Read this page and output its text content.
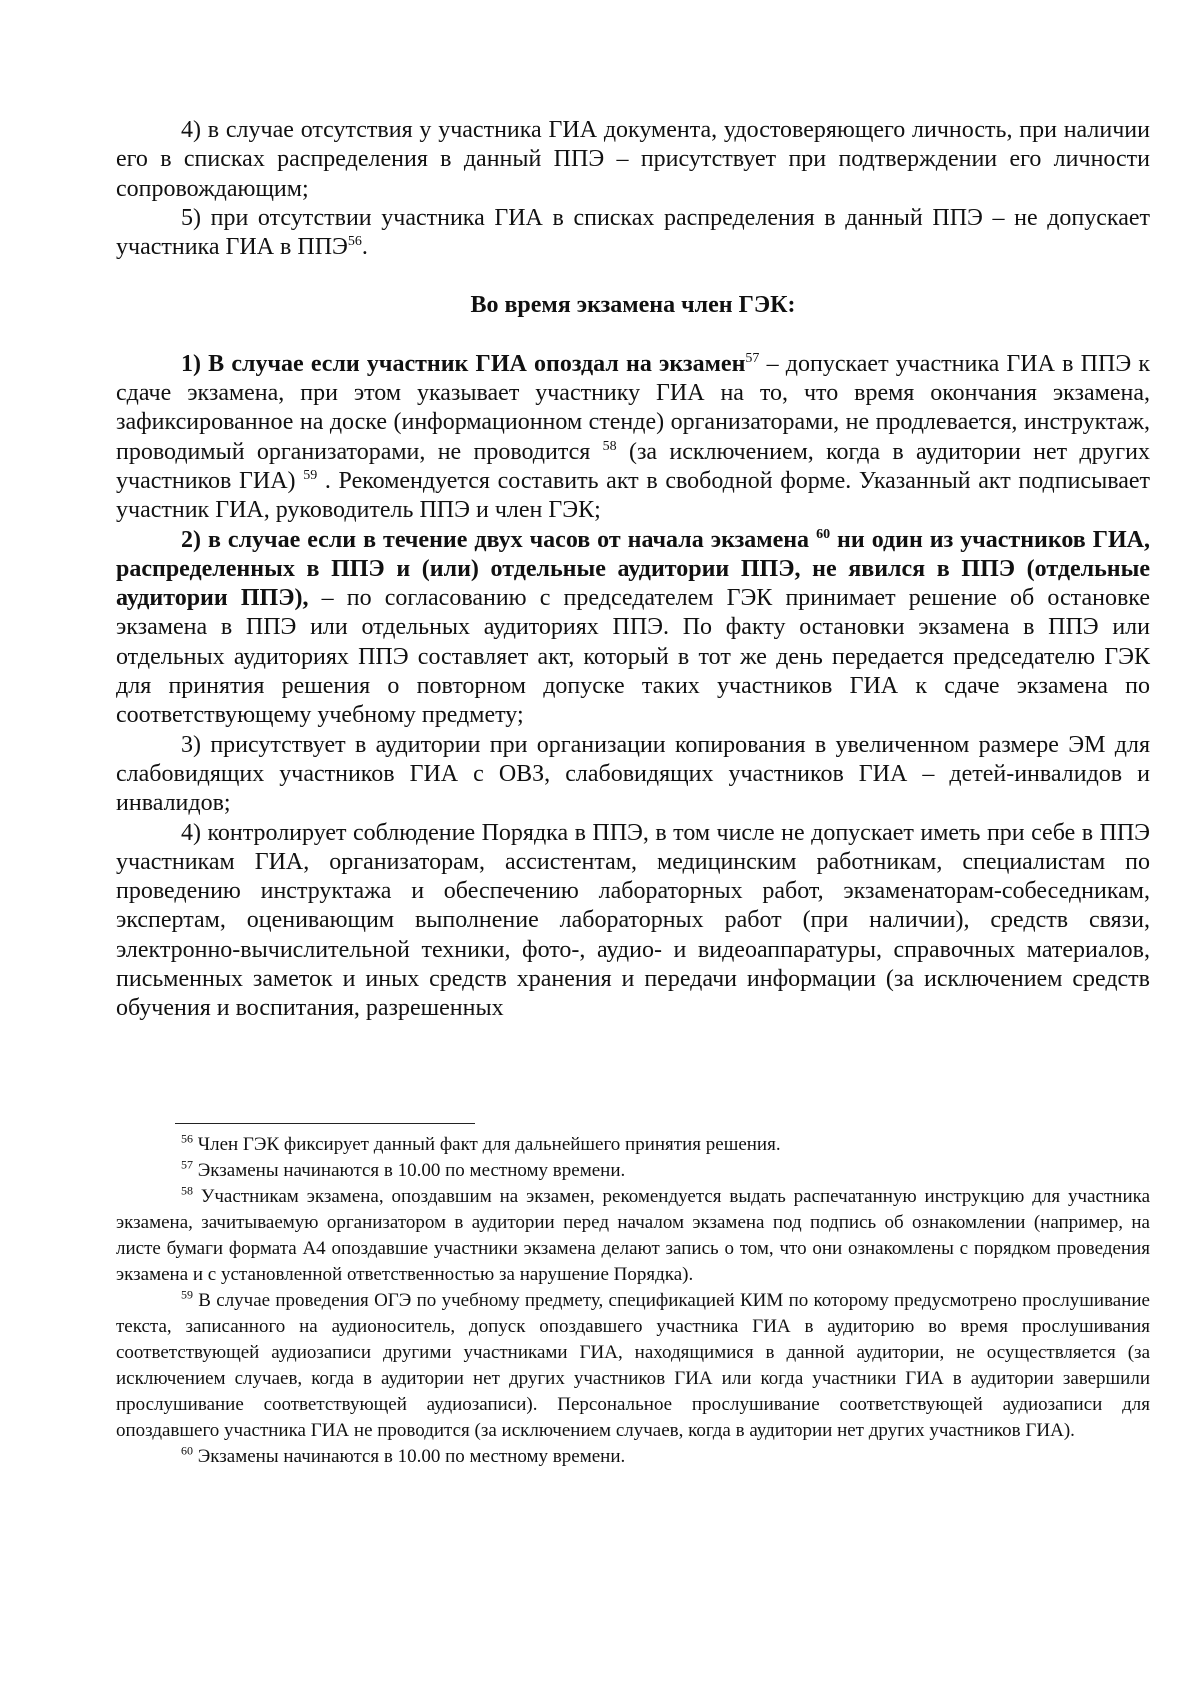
4) в случае отсутствия у участника ГИА документа, удостоверяющего личность, при наличии его в списках распределения в данный ППЭ – присутствует при подтверждении его личности сопровождающим;

5) при отсутствии участника ГИА в списках распределения в данный ППЭ – не допускает участника ГИА в ППЭ$^{56}$.

Во время экзамена член ГЭК:

1) В случае если участник ГИА опоздал на экзамен$^{57}$ – допускает участника ГИА в ППЭ к сдаче экзамена, при этом указывает участнику ГИА на то, что время окончания экзамена, зафиксированное на доске (информационном стенде) организаторами, не продлевается, инструктаж, проводимый организаторами, не проводится $^{58}$ (за исключением, когда в аудитории нет других участников ГИА) $^{59}$ . Рекомендуется составить акт в свободной форме. Указанный акт подписывает участник ГИА, руководитель ППЭ и член ГЭК;

2) в случае если в течение двух часов от начала экзамена $^{60}$ ни один из участников ГИА, распределенных в ППЭ и (или) отдельные аудитории ППЭ, не явился в ППЭ (отдельные аудитории ППЭ), – по согласованию с председателем ГЭК принимает решение об остановке экзамена в ППЭ или отдельных аудиториях ППЭ. По факту остановки экзамена в ППЭ или отдельных аудиториях ППЭ составляет акт, который в тот же день передается председателю ГЭК для принятия решения о повторном допуске таких участников ГИА к сдаче экзамена по соответствующему учебному предмету;

3) присутствует в аудитории при организации копирования в увеличенном размере ЭМ для слабовидящих участников ГИА с ОВЗ, слабовидящих участников ГИА – детей-инвалидов и инвалидов;

4) контролирует соблюдение Порядка в ППЭ, в том числе не допускает иметь при себе в ППЭ участникам ГИА, организаторам, ассистентам, медицинским работникам, специалистам по проведению инструктажа и обеспечению лабораторных работ, экзаменаторам-собеседникам, экспертам, оценивающим выполнение лабораторных работ (при наличии), средств связи, электронно-вычислительной техники, фото-, аудио- и видеоаппаратуры, справочных материалов, письменных заметок и иных средств хранения и передачи информации (за исключением средств обучения и воспитания, разрешенных

$^{56}$ Член ГЭК фиксирует данный факт для дальнейшего принятия решения.

$^{57}$ Экзамены начинаются в 10.00 по местному времени.

$^{58}$ Участникам экзамена, опоздавшим на экзамен, рекомендуется выдать распечатанную инструкцию для участника экзамена, зачитываемую организатором в аудитории перед началом экзамена под подпись об ознакомлении (например, на листе бумаги формата А4 опоздавшие участники экзамена делают запись о том, что они ознакомлены с порядком проведения экзамена и с установленной ответственностью за нарушение Порядка).

$^{59}$ В случае проведения ОГЭ по учебному предмету, спецификацией КИМ по которому предусмотрено прослушивание текста, записанного на аудионоситель, допуск опоздавшего участника ГИА в аудиторию во время прослушивания соответствующей аудиозаписи другими участниками ГИА, находящимися в данной аудитории, не осуществляется (за исключением случаев, когда в аудитории нет других участников ГИА или когда участники ГИА в аудитории завершили прослушивание соответствующей аудиозаписи). Персональное прослушивание соответствующей аудиозаписи для опоздавшего участника ГИА не проводится (за исключением случаев, когда в аудитории нет других участников ГИА).

$^{60}$ Экзамены начинаются в 10.00 по местному времени.
